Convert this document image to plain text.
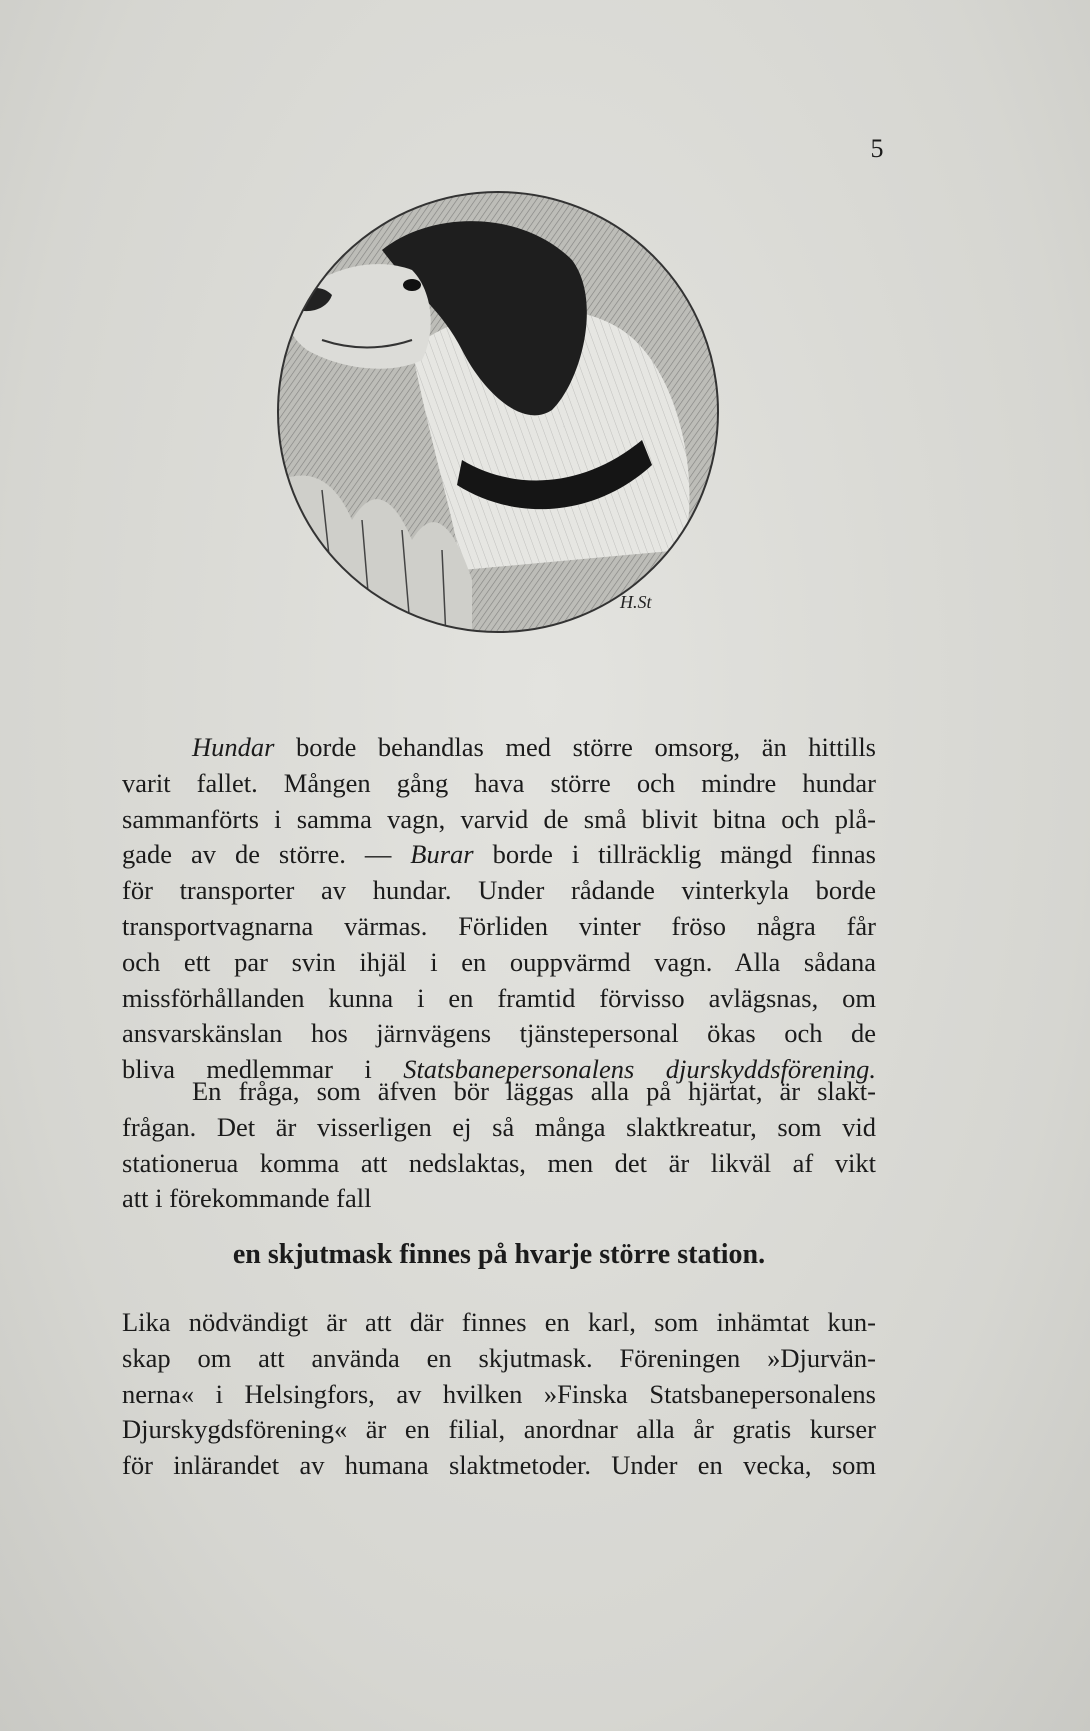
5
H.St
Hundar borde behandlas med större omsorg, än hittills
varit fallet. Mången gång hava större och mindre hundar
sammanförts i samma vagn, varvid de små blivit bitna och plå-
gade av de större. — Burar borde i tillräcklig mängd finnas
för transporter av hundar. Under rådande vinterkyla borde
transportvagnarna värmas. Förliden vinter fröso några får
och ett par svin ihjäl i en ouppvärmd vagn. Alla sådana
missförhållanden kunna i en framtid förvisso avlägsnas, om
ansvarskänslan hos järnvägens tjänstepersonal ökas och de
bliva medlemmar i Statsbanepersonalens djurskyddsförening.
En fråga, som äfven bör läggas alla på hjärtat, är slakt-
frågan. Det är visserligen ej så många slaktkreatur, som vid
stationerua komma att nedslaktas, men det är likväl af vikt
att i förekommande fall
en skjutmask finnes på hvarje större station.
Lika nödvändigt är att där finnes en karl, som inhämtat kun-
skap om att använda en skjutmask. Föreningen »Djurvän-
nerna« i Helsingfors, av hvilken »Finska Statsbanepersonalens
Djurskygdsförening« är en filial, anordnar alla år gratis kurser
för inlärandet av humana slaktmetoder. Under en vecka, som
